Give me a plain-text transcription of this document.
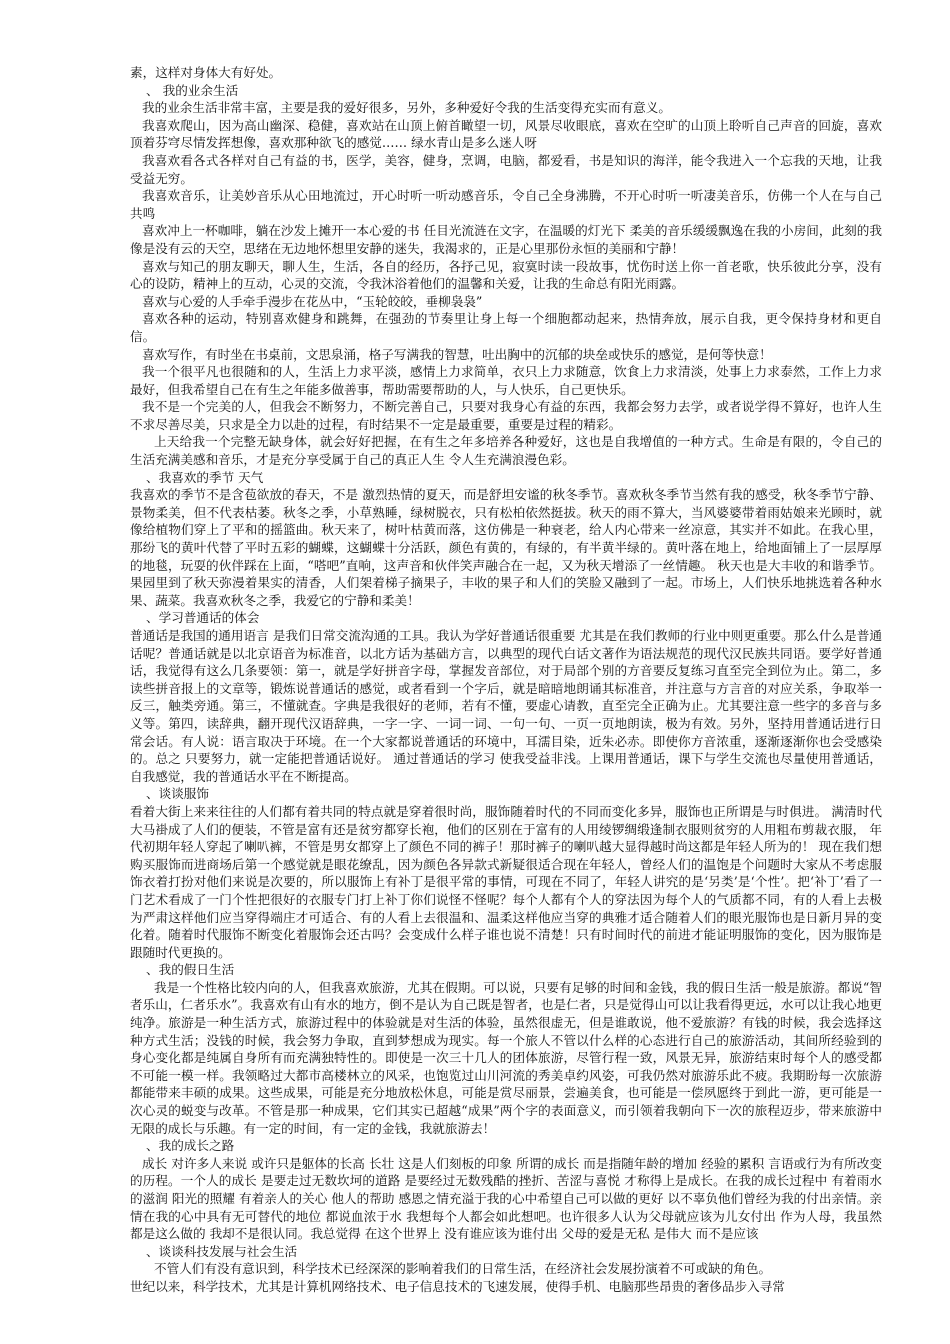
素，这样对身体大有好处。

、 我的业余生活

我的业余生活非常丰富，主要是我的爱好很多，另外，多种爱好令我的生活变得充实而有意义。

我喜欢爬山，因为高山幽深、稳健，喜欢站在山顶上俯首瞰望一切，风景尽收眼底，喜欢在空旷的山顶上聆听自己声音的回旋，喜欢顶着芬穹尽情发挥想像，喜欢那种欲飞的感觉…… 绿水青山是多么迷人呀

我喜欢看各式各样对自己有益的书，医学，美容，健身，烹调，电脑，都爱看，书是知识的海洋，能令我进入一个忘我的天地，让我受益无穷。

我喜欢音乐，让美妙音乐从心田地流过，开心时听一听动感音乐，令自己全身沸腾，不开心时听一听凄美音乐，仿佛一个人在与自己共鸣

喜欢冲上一杯咖啡，躺在沙发上摊开一本心爱的书 任目光流涟在文字，在温暖的灯光下 柔美的音乐缓缓飘逸在我的小房间，此刻的我像是没有云的天空，思绪在无边地怀想里安静的迷失，我渴求的，正是心里那份永恒的美丽和宁静！

喜欢与知己的朋友聊天，聊人生，生活，各自的经历，各抒己见，寂寞时读一段故事，忧伤时送上你一首老歌，快乐彼此分享，没有心的设防，精神上的互动，心灵的交流，令我沐浴着他们的温馨和关爱，让我的生命总有阳光雨露。

喜欢与心爱的人手牵手漫步在花丛中，“玉轮皎皎，垂柳袅袅”

喜欢各种的运动，特别喜欢健身和跳舞，在强劲的节奏里让身上每一个细胞都动起来，热情奔放，展示自我，更令保持身材和更自信。

喜欢写作，有时坐在书桌前，文思泉涌，格子写满我的智慧，吐出胸中的沉郁的块垒或快乐的感觉，是何等快意！

我一个很平凡也很随和的人，生活上力求平淡，感情上力求简单，衣只上力求随意，饮食上力求清淡，处事上力求泰然，工作上力求最好，但我希望自己在有生之年能多做善事，帮助需要帮助的人，与人快乐，自己更快乐。

我不是一个完美的人，但我会不断努力，不断完善自己，只要对我身心有益的东西，我都会努力去学，或者说学得不算好，也许人生不求尽善尽美，只求是全力以赴的过程，有时结果不一定是最重要，重要是过程的精彩。

上天给我一个完整无缺身体，就会好好把握，在有生之年多培养各种爱好，这也是自我增值的一种方式。生命是有限的，令自己的生活充满美感和音乐，才是充分享受属于自己的真正人生 令人生充满浪漫色彩。

、我喜欢的季节 天气

我喜欢的季节不是含苞欲放的春天，不是 激烈热情的夏天，而是舒坦安谧的秋冬季节。喜欢秋冬季节当然有我的感受，秋冬季节宁静、景物柔美，但不代表枯萎。秋冬之季，小草熟睡，绿树脱衣，只有松柏依然挺拔。秋天的雨不算大，当风婆婆带着雨姑娘来光顾时，就像给植物们穿上了平和的摇篮曲。秋天来了，树叶枯黄而落，这仿佛是一种衰老，给人内心带来一丝凉意，其实并不如此。在我心里，那纷飞的黄叶代替了平时五彩的蝴蝶，这蝴蝶十分活跃，颜色有黄的，有绿的，有半黄半绿的。黄叶落在地上，给地面铺上了一层厚厚的地毯，玩耍的伙伴踩在上面，“嗒吧”直响，这声音和伙伴笑声融合在一起，又为秋天增添了一丝情趣。 秋天也是大丰收的和谐季节。果园里到了秋天弥漫着果实的清香，人们架着梯子摘果子，丰收的果子和人们的笑脸又融到了一起。市场上，人们快乐地挑选着各种水果、蔬菜。我喜欢秋冬之季，我爱它的宁静和柔美！

、学习普通话的体会

普通话是我国的通用语言 是我们日常交流沟通的工具。我认为学好普通话很重要 尤其是在我们教师的行业中则更重要。那么什么是普通话呢？普通话就是以北京语音为标准音，以北方话为基础方言，以典型的现代白话文著作为语法规范的现代汉民族共同语。要学好普通话，我觉得有这么几条要领：第一，就是学好拼音字母，掌握发音部位，对于局部个别的方音要反复练习直至完全到位为止。第二，多读些拼音报上的文章等，锻炼说普通话的感觉，或者看到一个字后，就是暗暗地朗诵其标准音，并注意与方言音的对应关系，争取举一反三，触类旁通。第三，不懂就查。字典是我很好的老师，若有不懂，要虚心请教，直至完全正确为止。尤其要注意一些字的多音与多义等。第四，读辞典，翻开现代汉语辞典，一字一字、一词一词、一句一句、一页一页地朗读，极为有效。另外，坚持用普通话进行日常会话。有人说：语言取决于环境。在一个大家都说普通话的环境中，耳濡目染，近朱必赤。即使你方音浓重，逐渐逐渐你也会受感染的。总之 只要努力，就一定能把普通话说好。 通过普通话的学习 使我受益非浅。上课用普通话，课下与学生交流也尽量使用普通话，自我感觉，我的普通话水平在不断提高。

、谈谈服饰

看着大街上来来往往的人们都有着共同的特点就是穿着很时尚，服饰随着时代的不同而变化多异，服饰也正所谓是与时俱进。 满清时代大马褂成了人们的便装，不管是富有还是贫穷都穿长袍，他们的区别在于富有的人用绫锣绸缎逢制衣服则贫穷的人用粗布剪裁衣服， 年代初期年轻人穿起了喇叭裤，不管是男女都穿上了颜色不同的裤子！那时裤子的喇叭越大显得越时尚这都是年轻人所为的！ 现在我们想购买服饰而进商场后第一个感觉就是眼花缭乱，因为颜色各异款式新疑很适合现在年轻人，曾经人们的温饱是个问题时大家从不考虑服饰衣着打扮对他们来说是次要的，所以服饰上有补丁是很平常的事情，可现在不同了，年轻人讲究的是‘另类’是‘个性’。把‘补丁’看了一门艺术看成了一门个性把很好的衣服专门打上补丁你们说怪不怪呢？每个人都有个人的穿法因为每个人的气质都不同，有的人看上去极为严肃这样他们应当穿得端庄才可适合、有的人看上去很温和、温柔这样他应当穿的典雅才适合随着人们的眼光服饰也是日新月异的变化着。随着时代服饰不断变化着服饰会还古吗？会变成什么样子谁也说不清楚！只有时间时代的前进才能证明服饰的变化，因为服饰是跟随时代更换的。

、我的假日生活

我是一个性格比较内向的人，但我喜欢旅游，尤其在假期。可以说，只要有足够的时间和金钱，我的假日生活一般是旅游。都说“智者乐山，仁者乐水”。我喜欢有山有水的地方，倒不是认为自己既是智者，也是仁者，只是觉得山可以让我看得更远，水可以让我心地更纯净。旅游是一种生活方式，旅游过程中的体验就是对生活的体验，虽然很虚无，但是谁敢说，他不爱旅游？有钱的时候，我会选择这种方式生活；没钱的时候，我会努力争取，直到梦想成为现实。每一个旅人不管以什么样的心态进行自己的旅游活动，其间所经验到的身心变化都是纯属自身所有而充满独特性的。即使是一次三十几人的团体旅游，尽管行程一致，风景无异，旅游结束时每个人的感受都不可能一模一样。我领略过大都市高楼林立的风采，也饱览过山川河流的秀美卓约风姿，可我仍然对旅游乐此不疲。我期盼每一次旅游都能带来丰硕的成果。这些成果，可能是充分地放松休息，可能是赏尽丽景，尝遍美食，也可能是一偿夙愿终于到此一游，更可能是一次心灵的蜕变与改革。不管是那一种成果，它们其实已超越“成果”两个字的表面意义，而引领着我朝向下一次的旅程迈步，带来旅游中无限的成长与乐趣。有一定的时间，有一定的金钱，我就旅游去！

、我的成长之路

成长 对许多人来说 或许只是躯体的长高 长壮 这是人们刻板的印象 所谓的成长 而是指随年龄的增加 经验的累积 言语或行为有所改变的历程。一个人的成长 是要走过无数坎坷的道路 是要经过无数残酷的挫折、苦涩与喜悦 才称得上是成长。在我的成长过程中 有着雨水的滋润 阳光的照耀 有着亲人的关心 他人的帮助 感恩之情充溢于我的心中希望自己可以做的更好 以不辜负他们曾经为我的付出亲情。亲情在我的心中具有无可替代的地位 都说血浓于水 我想每个人都会如此想吧。也许很多人认为父母就应该为儿女付出 作为人母，我虽然都是这么做的 我却不是很认同。我总觉得 在这个世界上 没有谁应该为谁付出 父母的爱是无私 是伟大 而不是应该

、谈谈科技发展与社会生活

不管人们有没有意识到，科学技术已经深深的影响着我们的日常生活，在经济社会发展扮演着不可或缺的角色。

世纪以来，科学技术，尤其是计算机网络技术、电子信息技术的飞速发展，使得手机、电脑那些昂贵的奢侈品步入寻常
